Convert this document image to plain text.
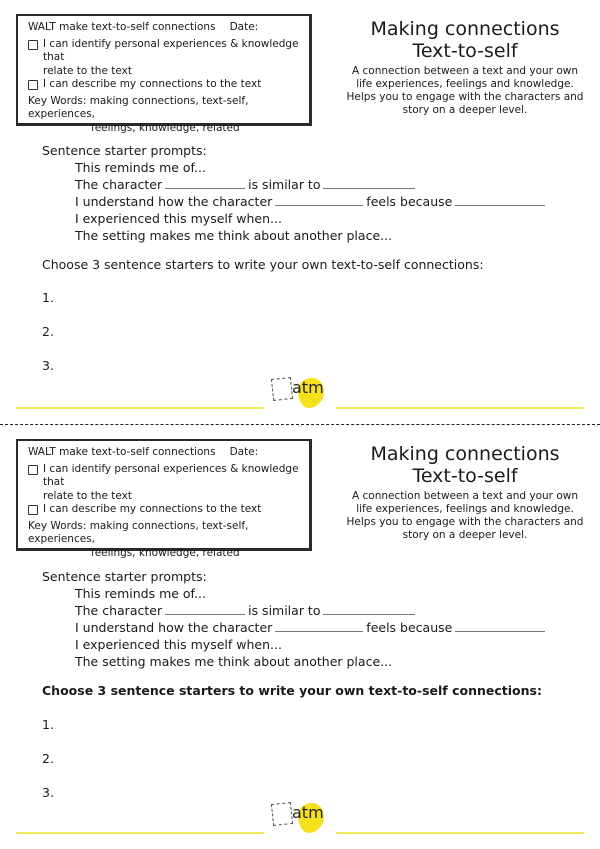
WALT make text-to-self connections Date:
I can identify personal experiences & knowledge that
relate to the text
I can describe my connections to the text
Key Words: making connections, text-self, experiences,
feelings, knowledge, related
Making connections
Text-to-self
A connection between a text and your own
life experiences, feelings and knowledge.
Helps you to engage with the characters and
story on a deeper level.
Sentence starter prompts:
This reminds me of...
The character	is similar to
I understand how the character	feels because
I experienced this myself when...
The setting makes me think about another place...
Choose 3 sentence starters to write your own text-to-self connections:
1.
2.
3.
atm
WALT make text-to-self connections Date:
I can identify personal experiences & knowledge that
relate to the text
I can describe my connections to the text
Key Words: making connections, text-self, experiences,
feelings, knowledge, related
Making connections
Text-to-self
A connection between a text and your own
life experiences, feelings and knowledge.
Helps you to engage with the characters and
story on a deeper level.
Sentence starter prompts:
This reminds me of...
The character	is similar to
I understand how the character	feels because
I experienced this myself when...
The setting makes me think about another place...
Choose 3 sentence starters to write your own text-to-self connections:
1.
2.
3.
atm
